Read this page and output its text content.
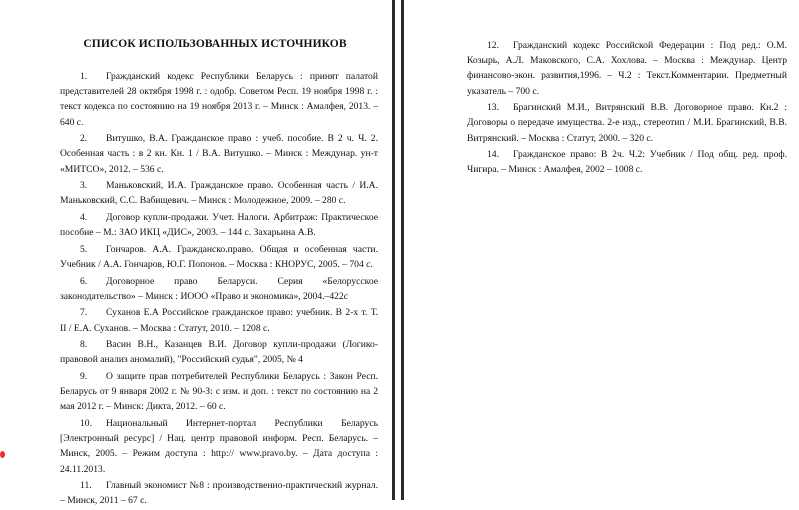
СПИСОК ИСПОЛЬЗОВАННЫХ ИСТОЧНИКОВ

1. Гражданский кодекс Республики Беларусь : принят палатой представителей 28 октября 1998 г. : одобр. Советом Респ. 19 ноября 1998 г. : текст кодекса по состоянию на 19 ноября 2013 г. – Минск : Амалфея, 2013. – 640 с.

2. Витушко, В.А. Гражданское право : учеб. пособие. В 2 ч. Ч. 2. Особенная часть : в 2 кн. Кн. 1 / В.А. Витушко. – Минск : Междунар. ун-т «МИТСО», 2012. – 536 с.

3. Маньковский, И.А. Гражданское право. Особенная часть / И.А. Маньковский, С.С. Вабищевич. – Минск : Молодежное, 2009. – 280 с.

4. Договор купли-продажи. Учет. Налоги. Арбитраж: Практическое пособие – М.: ЗАО ИКЦ «ДИС», 2003. – 144 с. Захарьина А.В.

5. Гончаров. А.А. Гражданско.право. Общая и особенная части. Учебник / А.А. Гончаров, Ю.Г. Попонов. – Москва : КНОРУС, 2005. – 704 с.

6. Договорное право Беларуси. Серия «Белорусское законодательство» – Минск : ИООО «Право и экономика», 2004.–422с

7. Суханов Е.А Российское гражданское право: учебник. В 2-х т. Т. II / Е.А. Суханов. – Москва : Статут, 2010. – 1208 с.

8. Васин В.Н., Казанцев В.И. Договор купли-продажи (Логико-правовой анализ аномалий), "Российский судья", 2005, № 4

9. О защите прав потребителей Республики Беларусь : Закон Респ. Беларусь от 9 января 2002 г. № 90-З: с изм. и доп. : текст по состоянию на 2 мая 2012 г. – Минск: Дикта, 2012. – 60 с.

10. Национальный Интернет-портал Республики Беларусь [Электронный ресурс] / Нац. центр правовой информ. Респ. Беларусь. – Минск, 2005. – Режим доступа : http:// www.pravo.by. – Дата доступа : 24.11.2013.

11. Главный экономист №8 : производственно-практический журнал. – Минск, 2011 – 67 с.

12. Гражданский кодекс Российской Федерации : Под ред.: О.М. Козырь, А.Л. Маковского, С.А. Хохлова. – Москва : Междунар. Центр финансово-экон. развития,1996. – Ч.2 : Текст.Комментарии. Предметный указатель – 700 с.

13. Брагинский М.И., Витрянский В.В. Договорное право. Кн.2 : Договоры о передаче имущества. 2-е изд., стереотип / М.И. Брагинский, В.В. Витрянский. – Москва : Статут, 2000. – 320 с.

14. Гражданское право: В 2ч. Ч.2: Учебник / Под общ. ред. проф. Чигира. – Минск : Амалфея, 2002 – 1008 с.
